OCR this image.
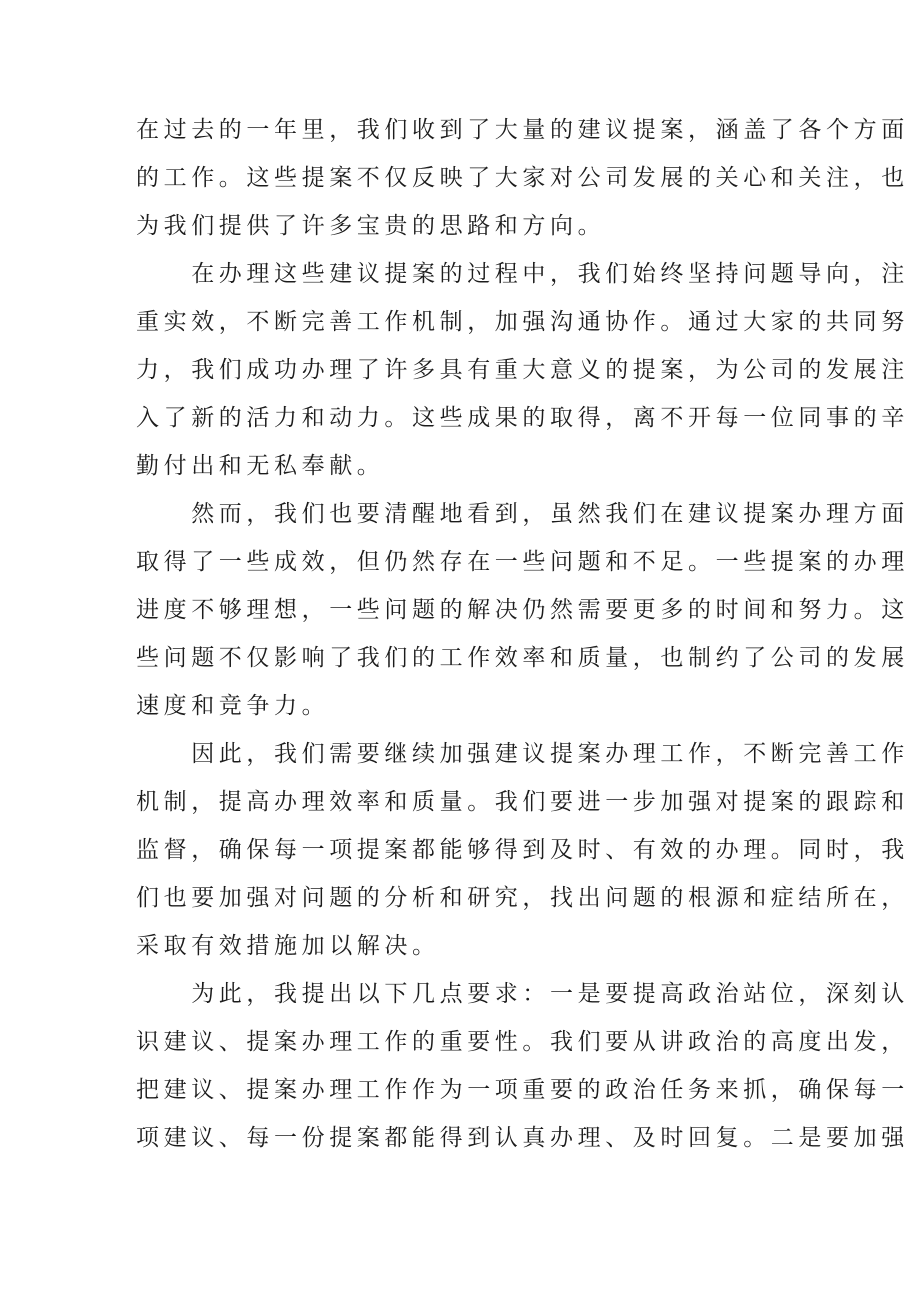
在过去的一年里，我们收到了大量的建议提案，涵盖了各个方面
的工作。这些提案不仅反映了大家对公司发展的关心和关注，也
为我们提供了许多宝贵的思路和方向。

　　在办理这些建议提案的过程中，我们始终坚持问题导向，注
重实效，不断完善工作机制，加强沟通协作。通过大家的共同努
力，我们成功办理了许多具有重大意义的提案，为公司的发展注
入了新的活力和动力。这些成果的取得，离不开每一位同事的辛
勤付出和无私奉献。

　　然而，我们也要清醒地看到，虽然我们在建议提案办理方面
取得了一些成效，但仍然存在一些问题和不足。一些提案的办理
进度不够理想，一些问题的解决仍然需要更多的时间和努力。这
些问题不仅影响了我们的工作效率和质量，也制约了公司的发展
速度和竞争力。

　　因此，我们需要继续加强建议提案办理工作，不断完善工作
机制，提高办理效率和质量。我们要进一步加强对提案的跟踪和
监督，确保每一项提案都能够得到及时、有效的办理。同时，我
们也要加强对问题的分析和研究，找出问题的根源和症结所在，
采取有效措施加以解决。

　　为此，我提出以下几点要求：一是要提高政治站位，深刻认
识建议、提案办理工作的重要性。我们要从讲政治的高度出发，
把建议、提案办理工作作为一项重要的政治任务来抓，确保每一
项建议、每一份提案都能得到认真办理、及时回复。二是要加强
